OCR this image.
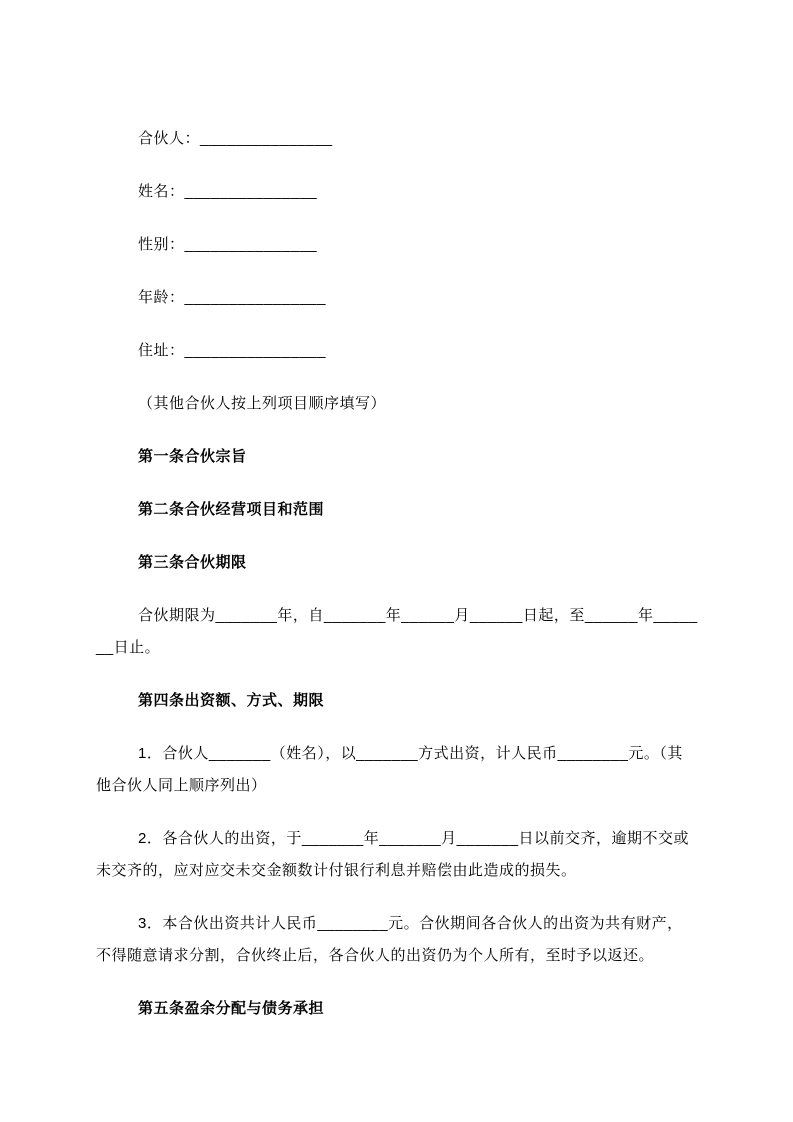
合伙人：_______________

姓名：_______________

性别：_______________

年龄：________________

住址：________________

（其他合伙人按上列项目顺序填写）

第一条合伙宗旨

第二条合伙经营项目和范围

第三条合伙期限

合伙期限为_______年，自_______年______月______日起，至______年_______日止。

第四条出资额、方式、期限

1．合伙人_______（姓名），以_______方式出资，计人民币________元。（其他合伙人同上顺序列出）

2．各合伙人的出资，于_______年_______月_______日以前交齐，逾期不交或未交齐的，应对应交未交金额数计付银行利息并赔偿由此造成的损失。

3．本合伙出资共计人民币________元。合伙期间各合伙人的出资为共有财产，不得随意请求分割，合伙终止后，各合伙人的出资仍为个人所有，至时予以返还。

第五条盈余分配与债务承担
